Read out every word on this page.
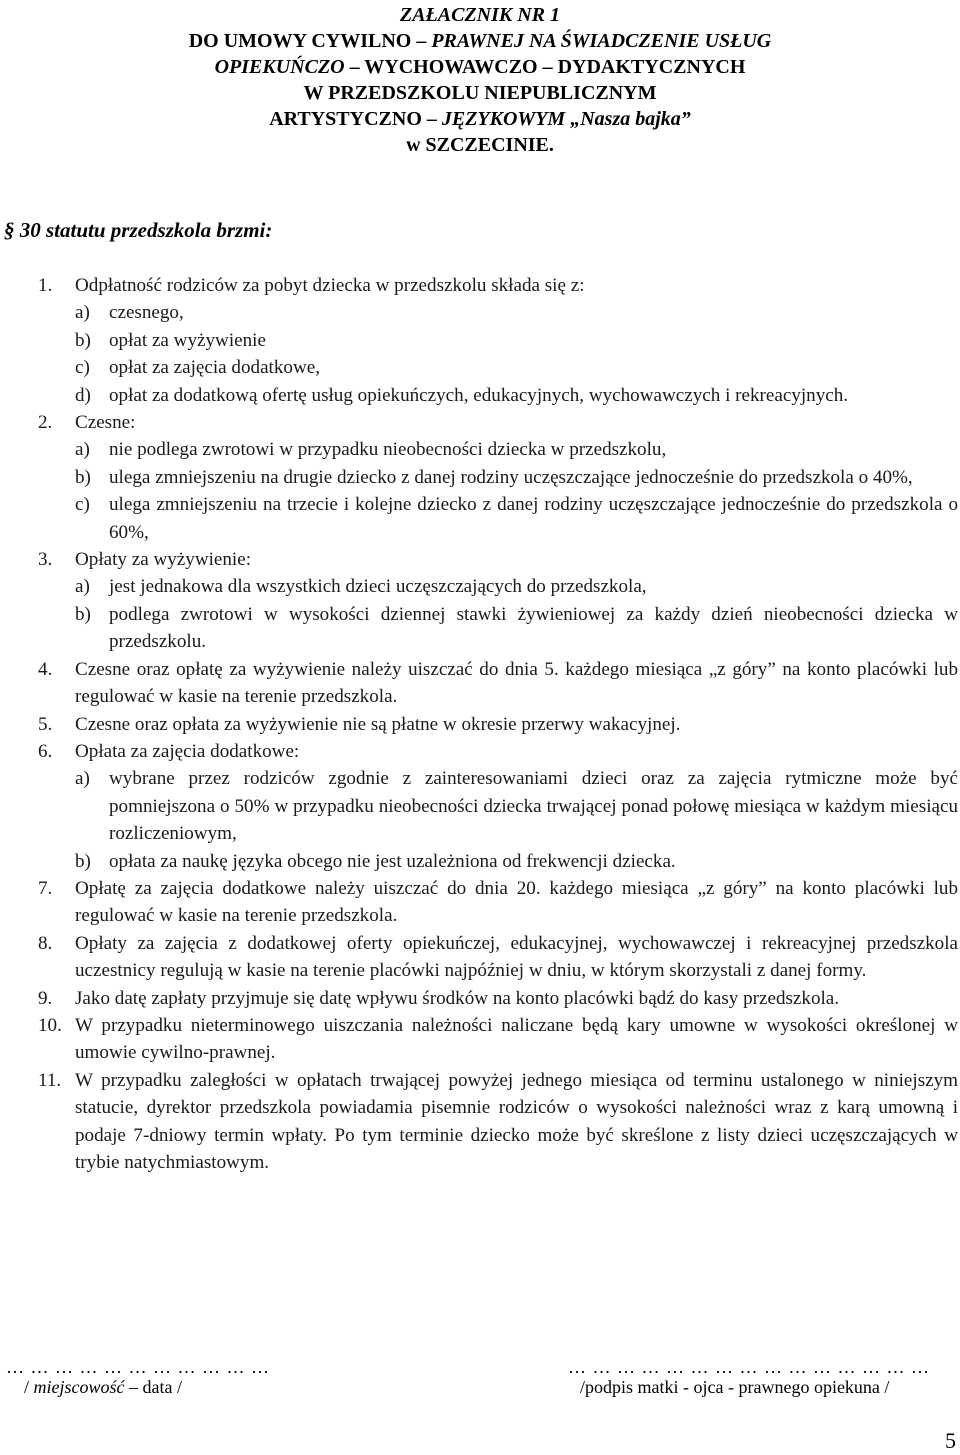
ZAŁACZNIK NR 1
DO UMOWY CYWILNO – PRAWNEJ NA ŚWIADCZENIE USŁUG
OPIEKUŃCZO – WYCHOWAWCZO – DYDAKTYCZNYCH
W PRZEDSZKOLU NIEPUBLICZNYM
ARTYSTYCZNO – JĘZYKOWYM „Nasza bajka”
w SZCZECINIE.
§ 30 statutu przedszkola brzmi:
1. Odpłatność rodziców za pobyt dziecka w przedszkolu składa się z:
a) czesnego,
b) opłat za wyżywienie
c) opłat za zajęcia dodatkowe,
d) opłat za dodatkową ofertę usług opiekuńczych, edukacyjnych, wychowawczych i rekreacyjnych.
2. Czesne:
a) nie podlega zwrotowi w przypadku nieobecności dziecka w przedszkolu,
b) ulega zmniejszeniu na drugie dziecko z danej rodziny uczęszczające jednocześnie do przedszkola o 40%,
c) ulega zmniejszeniu na trzecie i kolejne dziecko z danej rodziny uczęszczające jednocześnie do przedszkola o 60%,
3. Opłaty za wyżywienie:
a) jest jednakowa dla wszystkich dzieci uczęszczających do przedszkola,
b) podlega zwrotowi w wysokości dziennej stawki żywieniowej za każdy dzień nieobecności dziecka w przedszkolu.
4. Czesne oraz opłatę za wyżywienie należy uiszczać do dnia 5. każdego miesiąca „z góry” na konto placówki lub regulować w kasie na terenie przedszkola.
5. Czesne oraz opłata za wyżywienie nie są płatne w okresie przerwy wakacyjnej.
6. Opłata za zajęcia dodatkowe:
a) wybrane przez rodziców zgodnie z zainteresowaniami dzieci oraz za zajęcia rytmiczne może być pomniejszona o 50% w przypadku nieobecności dziecka trwającej ponad połowę miesiąca w każdym miesiącu rozliczeniowym,
b) opłata za naukę języka obcego nie jest uzależniona od frekwencji dziecka.
7. Opłatę za zajęcia dodatkowe należy uiszczać do dnia 20. każdego miesiąca „z góry” na konto placówki lub regulować w kasie na terenie przedszkola.
8. Opłaty za zajęcia z dodatkowej oferty opiekuńczej, edukacyjnej, wychowawczej i rekreacyjnej przedszkola uczestnicy regulują w kasie na terenie placówki najpóźniej w dniu, w którym skorzystali z danej formy.
9. Jako datę zapłaty przyjmuje się datę wpływu środków na konto placówki bądź do kasy przedszkola.
10. W przypadku nieterminowego uiszczania należności naliczane będą kary umowne w wysokości określonej w umowie cywilno-prawnej.
11. W przypadku zaległości w opłatach trwającej powyżej jednego miesiąca od terminu ustalonego w niniejszym statucie, dyrektor przedszkola powiadamia pisemnie rodziców o wysokości należności wraz z karą umowną i podaje 7-dniowy termin wpłaty. Po tym terminie dziecko może być skreślone z listy dzieci uczęszczających w trybie natychmiastowym.
… … … … … … … … … … …	… … … … … … … … … … … … … … …
/ miejscowość – data /	/podpis matki - ojca - prawnego opiekuna /
5
